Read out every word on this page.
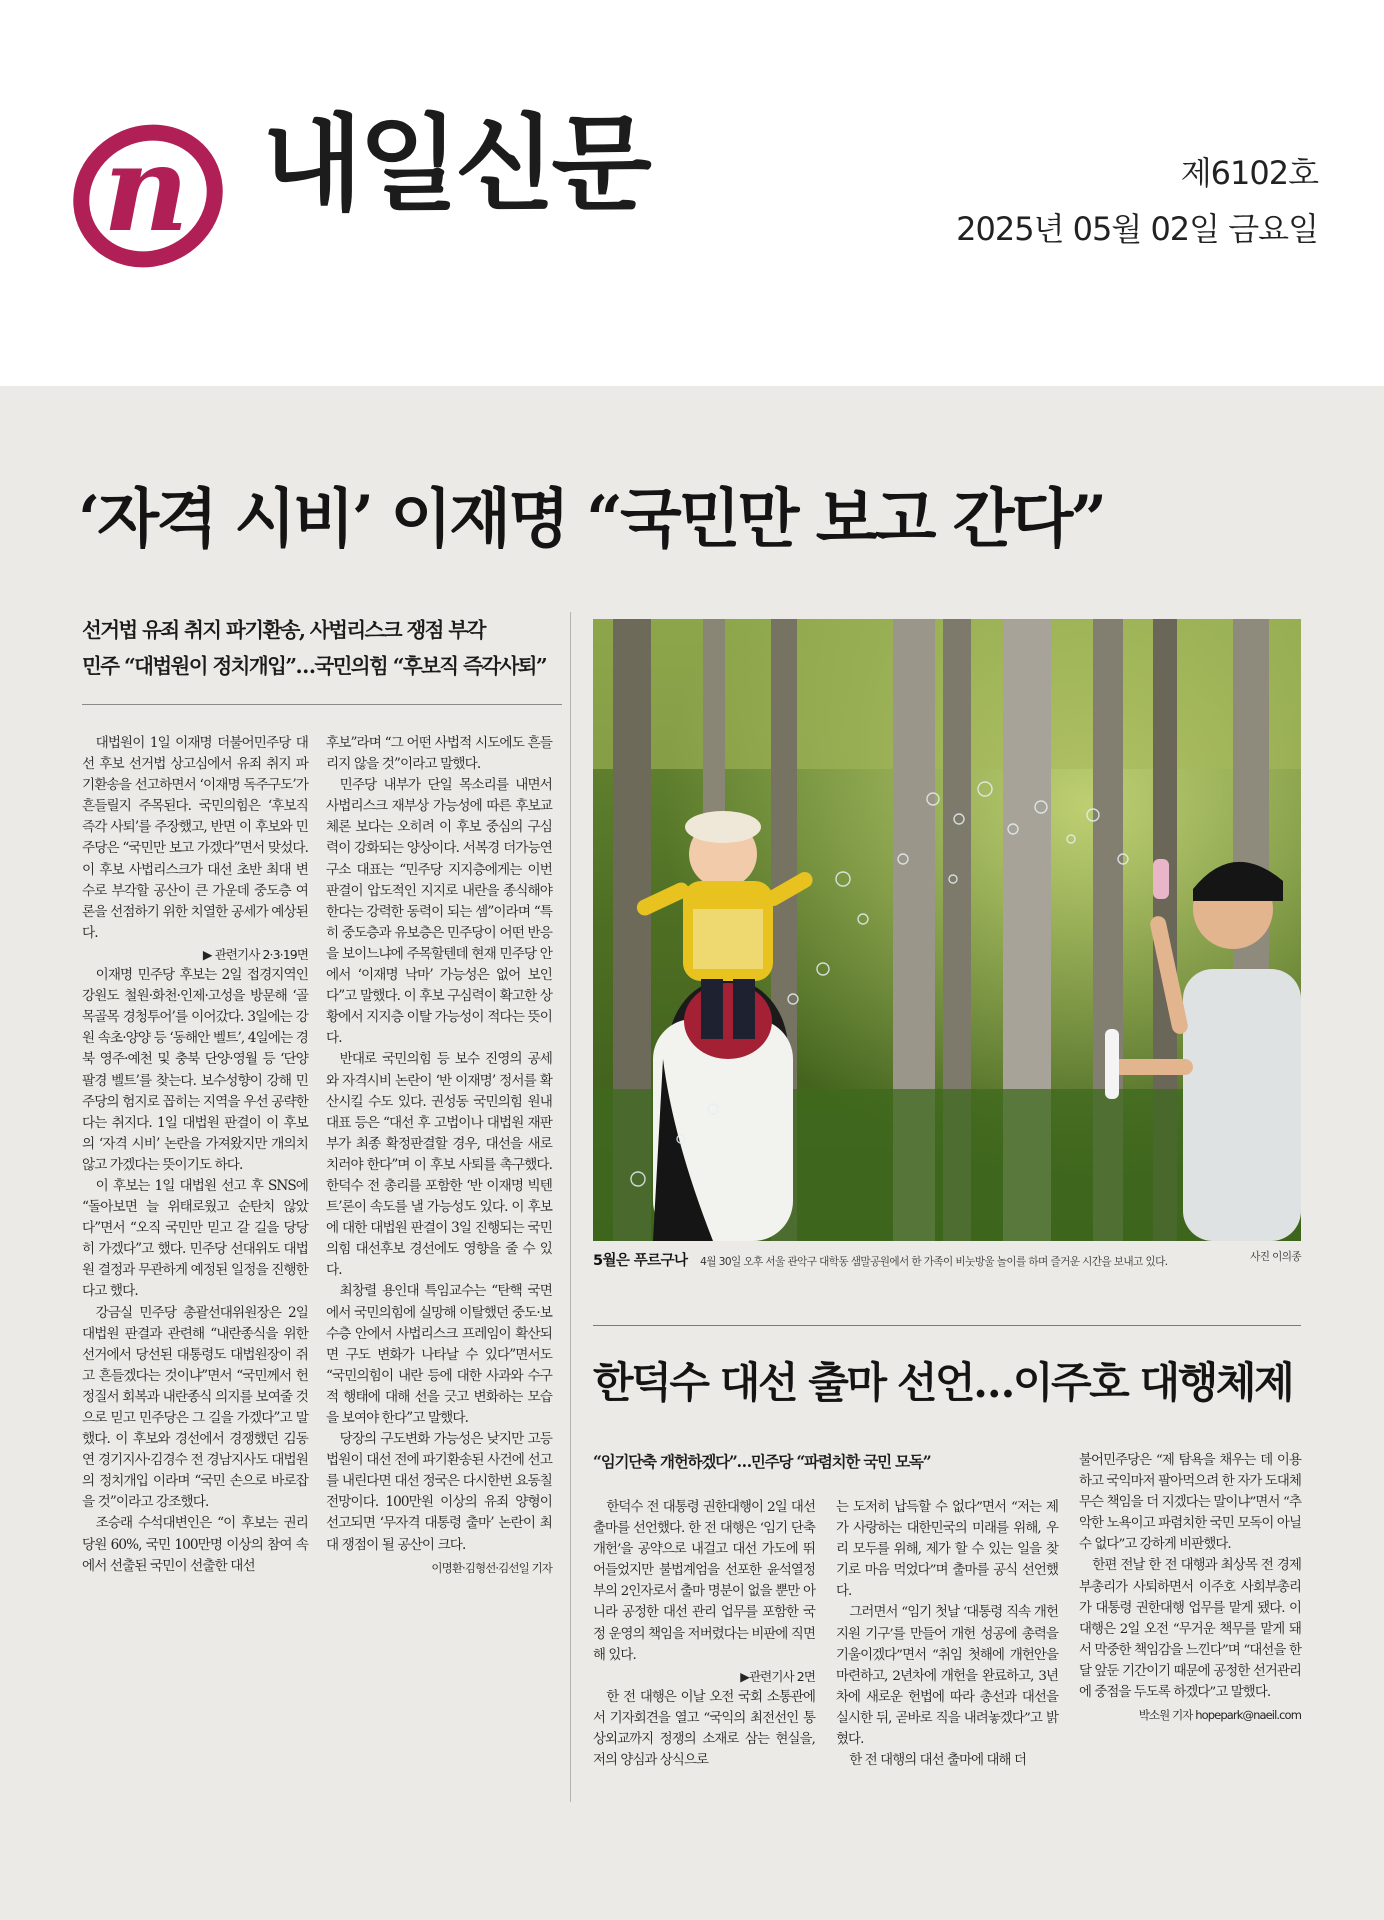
n 내일신문	제6102호
2025년 05월 02일 금요일
‘자격 시비’ 이재명 “국민만 보고 간다”
선거법 유죄 취지 파기환송, 사법리스크 쟁점 부각
민주 “대법원이 정치개입”…국민의힘 “후보직 즉각사퇴”

대법원이 1일 이재명 더불어민주당 대선 후보 선거법 상고심에서 유죄 취지 파기환송을 선고하면서 ‘이재명 독주구도’가 흔들릴지 주목된다. 국민의힘은 ‘후보직 즉각 사퇴’를 주장했고, 반면 이 후보와 민주당은 “국민만 보고 가겠다”면서 맞섰다. 이 후보 사법리스크가 대선 초반 최대 변수로 부각할 공산이 큰 가운데 중도층 여론을 선점하기 위한 치열한 공세가 예상된다.

▶ 관련기사 2·3·19면

이재명 민주당 후보는 2일 접경지역인 강원도 철원·화천·인제·고성을 방문해 ‘골목골목 경청투어’를 이어갔다. 3일에는 강원 속초·양양 등 ‘동해안 벨트’, 4일에는 경북 영주·예천 및 충북 단양·영월 등 ‘단양팔경 벨트’를 찾는다. 보수성향이 강해 민주당의 험지로 꼽히는 지역을 우선 공략한다는 취지다. 1일 대법원 판결이 이 후보의 ‘자격 시비’ 논란을 가져왔지만 개의치 않고 가겠다는 뜻이기도 하다.

이 후보는 1일 대법원 선고 후 SNS에 “돌아보면 늘 위태로웠고 순탄치 않았다”면서 “오직 국민만 믿고 갈 길을 당당히 가겠다”고 했다. 민주당 선대위도 대법원 결정과 무관하게 예정된 일정을 진행한다고 했다.

강금실 민주당 총괄선대위원장은 2일 대법원 판결과 관련해 “내란종식을 위한 선거에서 당선된 대통령도 대법원장이 쥐고 흔들겠다는 것이냐”면서 “국민께서 헌정질서 회복과 내란종식 의지를 보여줄 것으로 믿고 민주당은 그 길을 가겠다”고 말했다. 이 후보와 경선에서 경쟁했던 김동연 경기지사·김경수 전 경남지사도 대법원의 정치개입 이라며 “국민 손으로 바로잡을 것”이라고 강조했다.

조승래 수석대변인은 “이 후보는 권리당원 60%, 국민 100만명 이상의 참여 속에서 선출된 국민이 선출한 대선

후보”라며 “그 어떤 사법적 시도에도 흔들리지 않을 것”이라고 말했다.

민주당 내부가 단일 목소리를 내면서 사법리스크 재부상 가능성에 따른 후보교체론 보다는 오히려 이 후보 중심의 구심력이 강화되는 양상이다. 서복경 더가능연구소 대표는 “민주당 지지층에게는 이번 판결이 압도적인 지지로 내란을 종식해야 한다는 강력한 동력이 되는 셈”이라며 “특히 중도층과 유보층은 민주당이 어떤 반응을 보이느냐에 주목할텐데 현재 민주당 안에서 ‘이재명 낙마’ 가능성은 없어 보인다”고 말했다. 이 후보 구심력이 확고한 상황에서 지지층 이탈 가능성이 적다는 뜻이다.

반대로 국민의힘 등 보수 진영의 공세와 자격시비 논란이 ‘반 이재명’ 정서를 확산시킬 수도 있다. 권성동 국민의힘 원내대표 등은 “대선 후 고법이나 대법원 재판부가 최종 확정판결할 경우, 대선을 새로 치러야 한다”며 이 후보 사퇴를 촉구했다. 한덕수 전 총리를 포함한 ‘반 이재명 빅텐트’론이 속도를 낼 가능성도 있다. 이 후보에 대한 대법원 판결이 3일 진행되는 국민의힘 대선후보 경선에도 영향을 줄 수 있다.

최창렬 용인대 특임교수는 “탄핵 국면에서 국민의힘에 실망해 이탈했던 중도·보수층 안에서 사법리스크 프레임이 확산되면 구도 변화가 나타날 수 있다”면서도 “국민의힘이 내란 등에 대한 사과와 수구적 행태에 대해 선을 긋고 변화하는 모습을 보여야 한다”고 말했다.

당장의 구도변화 가능성은 낮지만 고등법원이 대선 전에 파기환송된 사건에 선고를 내린다면 대선 정국은 다시한번 요동칠 전망이다. 100만원 이상의 유죄 양형이 선고되면 ‘무자격 대통령 출마’ 논란이 최대 쟁점이 될 공산이 크다.

이명환·김형선·김선일 기자

5월은 푸르구나 4월 30일 오후 서울 관악구 대학동 샘말공원에서 한 가족이 비눗방울 놀이를 하며 즐거운 시간을 보내고 있다.	사진 이의종
한덕수 대선 출마 선언…이주호 대행체제
“임기단축 개헌하겠다”…민주당 “파렴치한 국민 모독”

한덕수 전 대통령 권한대행이 2일 대선 출마를 선언했다. 한 전 대행은 ‘임기 단축 개헌’을 공약으로 내걸고 대선 가도에 뛰어들었지만 불법계엄을 선포한 윤석열정부의 2인자로서 출마 명분이 없을 뿐만 아니라 공정한 대선 관리 업무를 포함한 국정 운영의 책임을 저버렸다는 비판에 직면해 있다.

▶관련기사 2면

한 전 대행은 이날 오전 국회 소통관에서 기자회견을 열고 “국익의 최전선인 통상외교까지 정쟁의 소재로 삼는 현실을, 저의 양심과 상식으로

는 도저히 납득할 수 없다”면서 “저는 제가 사랑하는 대한민국의 미래를 위해, 우리 모두를 위해, 제가 할 수 있는 일을 찾기로 마음 먹었다”며 출마를 공식 선언했다.

그러면서 “임기 첫날 ‘대통령 직속 개헌 지원 기구’를 만들어 개헌 성공에 총력을 기울이겠다”면서 “취임 첫해에 개헌안을 마련하고, 2년차에 개헌을 완료하고, 3년차에 새로운 헌법에 따라 총선과 대선을 실시한 뒤, 곧바로 직을 내려놓겠다”고 밝혔다.

한 전 대행의 대선 출마에 대해 더

불어민주당은 “제 탐욕을 채우는 데 이용하고 국익마저 팔아먹으려 한 자가 도대체 무슨 책임을 더 지겠다는 말이냐”면서 “추악한 노욕이고 파렴치한 국민 모독이 아닐 수 없다”고 강하게 비판했다.

한편 전날 한 전 대행과 최상목 전 경제부총리가 사퇴하면서 이주호 사회부총리가 대통령 권한대행 업무를 맡게 됐다. 이 대행은 2일 오전 “무거운 책무를 맡게 돼서 막중한 책임감을 느낀다”며 “대선을 한 달 앞둔 기간이기 때문에 공정한 선거관리에 중점을 두도록 하겠다”고 말했다.

박소원 기자 hopepark@naeil.com
